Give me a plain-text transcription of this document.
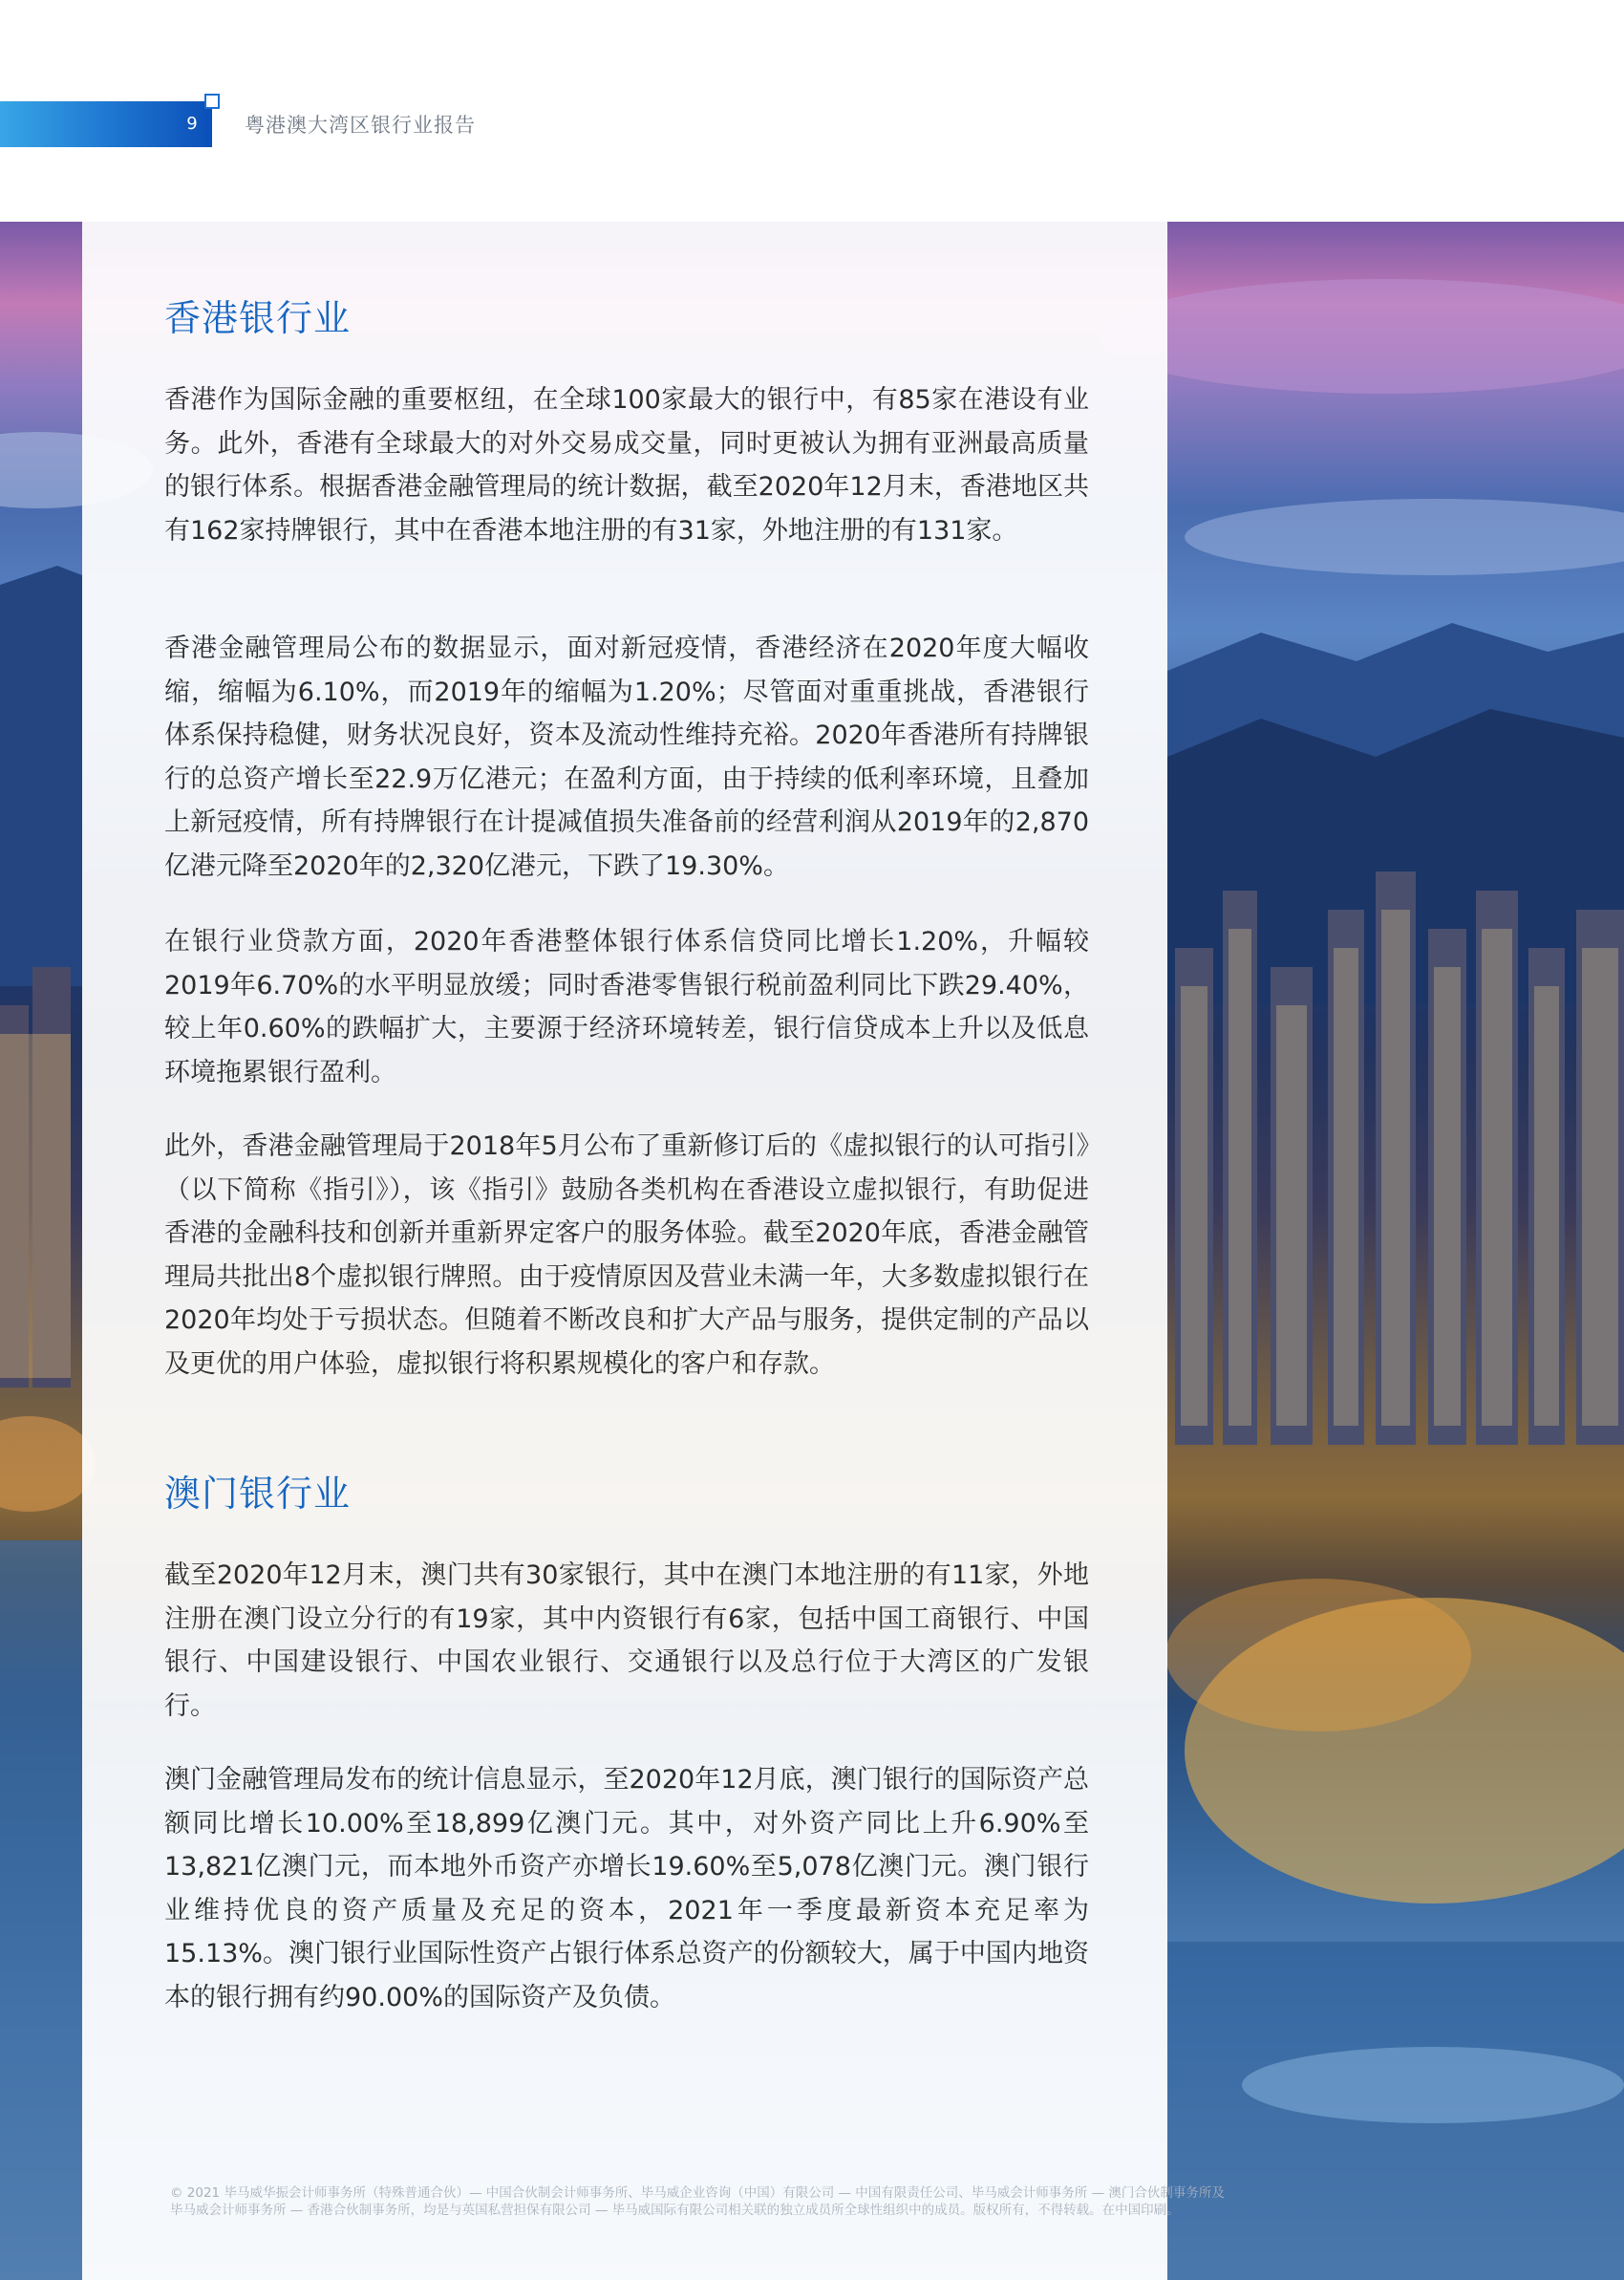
9 粤港澳大湾区银行业报告
香港银行业

香港作为国际金融的重要枢纽，在全球100家最大的银行中，有85家在港设有业务。此外，香港有全球最大的对外交易成交量，同时更被认为拥有亚洲最高质量的银行体系。根据香港金融管理局的统计数据，截至2020年12月末，香港地区共有162家持牌银行，其中在香港本地注册的有31家，外地注册的有131家。

香港金融管理局公布的数据显示，面对新冠疫情，香港经济在2020年度大幅收缩，缩幅为6.10%，而2019年的缩幅为1.20%；尽管面对重重挑战，香港银行体系保持稳健，财务状况良好，资本及流动性维持充裕。2020年香港所有持牌银行的总资产增长至22.9万亿港元；在盈利方面，由于持续的低利率环境，且叠加上新冠疫情，所有持牌银行在计提减值损失准备前的经营利润从2019年的2,870亿港元降至2020年的2,320亿港元，下跌了19.30%。

在银行业贷款方面，2020年香港整体银行体系信贷同比增长1.20%，升幅较2019年6.70%的水平明显放缓；同时香港零售银行税前盈利同比下跌29.40%，较上年0.60%的跌幅扩大，主要源于经济环境转差，银行信贷成本上升以及低息环境拖累银行盈利。

此外，香港金融管理局于2018年5月公布了重新修订后的《虚拟银行的认可指引》（以下简称《指引》），该《指引》鼓励各类机构在香港设立虚拟银行，有助促进香港的金融科技和创新并重新界定客户的服务体验。截至2020年底，香港金融管理局共批出8个虚拟银行牌照。由于疫情原因及营业未满一年，大多数虚拟银行在2020年均处于亏损状态。但随着不断改良和扩大产品与服务，提供定制的产品以及更优的用户体验，虚拟银行将积累规模化的客户和存款。

澳门银行业

截至2020年12月末，澳门共有30家银行，其中在澳门本地注册的有11家，外地注册在澳门设立分行的有19家，其中内资银行有6家，包括中国工商银行、中国银行、中国建设银行、中国农业银行、交通银行以及总行位于大湾区的广发银行。

澳门金融管理局发布的统计信息显示，至2020年12月底，澳门银行的国际资产总额同比增长10.00%至18,899亿澳门元。其中，对外资产同比上升6.90%至13,821亿澳门元，而本地外币资产亦增长19.60%至5,078亿澳门元。澳门银行业维持优良的资产质量及充足的资本，2021年一季度最新资本充足率为15.13%。澳门银行业国际性资产占银行体系总资产的份额较大，属于中国内地资本的银行拥有约90.00%的国际资产及负债。

© 2021 毕马威华振会计师事务所（特殊普通合伙）— 中国合伙制会计师事务所、毕马威企业咨询（中国）有限公司 — 中国有限责任公司、毕马威会计师事务所 — 澳门合伙制事务所及
毕马威会计师事务所 — 香港合伙制事务所，均是与英国私营担保有限公司 — 毕马威国际有限公司相关联的独立成员所全球性组织中的成员。版权所有，不得转载。在中国印刷。
